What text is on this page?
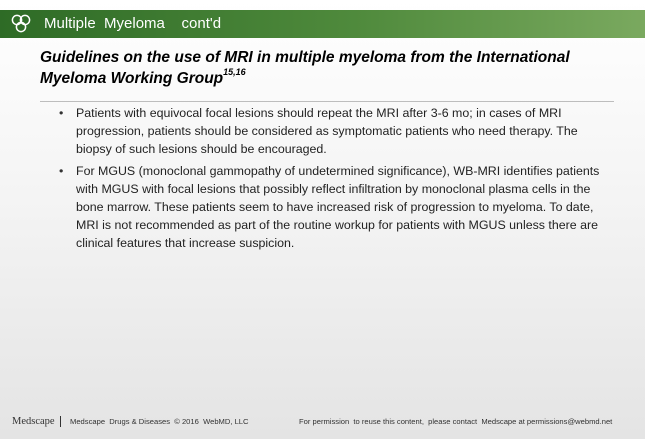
Multiple  Myeloma    cont'd
Guidelines on the use of MRI in multiple myeloma from the International Myeloma Working Group$^{15,16}$
• Patients with equivocal focal lesions should repeat the MRI after 3-6 mo; in cases of MRI progression, patients should be considered as symptomatic patients who need therapy. The biopsy of such lesions should be encouraged.
• For MGUS (monoclonal gammopathy of undetermined significance), WB-MRI identifies patients with MGUS with focal lesions that possibly reflect infiltration by monoclonal plasma cells in the bone marrow. These patients seem to have increased risk of progression to myeloma. To date, MRI is not recommended as part of the routine workup for patients with MGUS unless there are clinical features that increase suspicion.
Medscape Medscape  Drugs & Diseases  © 2016  WebMD, LLC	For permission  to reuse this content,  please contact  Medscape at permissions@webmd.net
